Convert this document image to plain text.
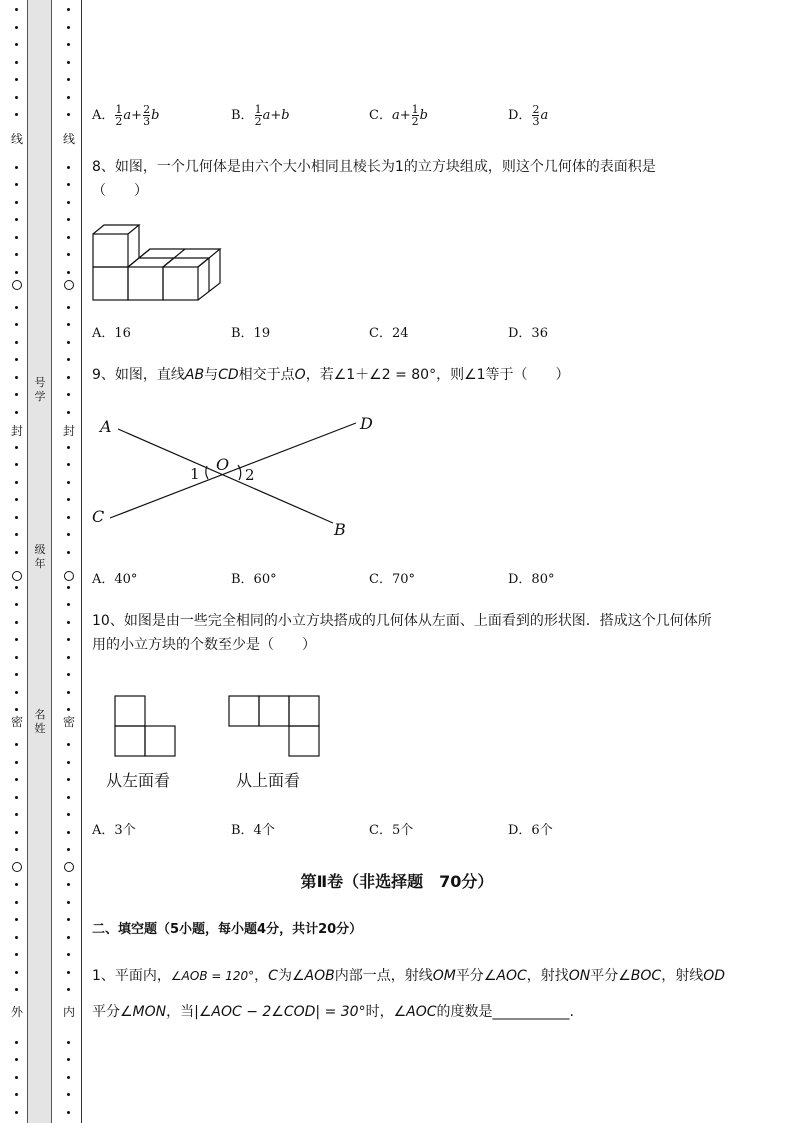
线
封
密
外
线
封
密
内
号学
级年
名姓
A． $\frac{1}{2} a+ \frac{2}{3}$ b	B． $\frac{1}{2} a+b$	C．$a+ \frac{1}{2}$ b	D． $\frac{2}{3}$ a
8、如图，一个几何体是由六个大小相同且棱长为1的立方块组成，则这个几何体的表面积是
（　　）
A．16	B．19	C．24	D．36
9、如图，直线AB与CD相交于点O，若∠1＋∠2 = 80°，则∠1等于（　　）
A	D
C
B
O
1	2
A．40°	B．60°	C．70°	D．80°
10、如图是由一些完全相同的小立方块搭成的几何体从左面、上面看到的形状图．搭成这个几何体所
用的小立方块的个数至少是（　　）
从左面看	从上面看
A．3个	B．4个	C．5个	D．6个
第Ⅱ卷（非选择题　70分）
二、填空题（5小题，每小题4分，共计20分）
1、平面内，∠AOB = 120°，C为∠AOB内部一点，射线OM平分∠AOC，射找ON平分∠BOC，射线OD
平分∠MON，当|∠AOC − 2∠COD| = 30°时，∠AOC的度数是___________.
